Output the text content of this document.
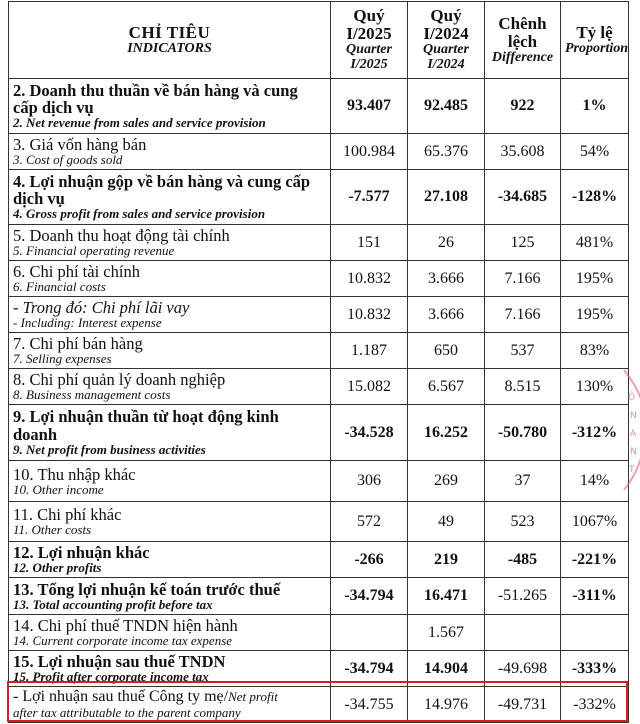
CHỈ TIÊU
INDICATORS	Quý
I/2025
Quarter
I/2025	Quý
I/2024
Quarter
I/2024	Chênh
lệch
Difference	Tỷ lệ
Proportion

2. Doanh thu thuần về bán hàng và cung cấp dịch vụ
2. Net revenue from sales and service provision	93.407	92.485	922	1%

3. Giá vốn hàng bán
3. Cost of goods sold	100.984	65.376	35.608	54%

4. Lợi nhuận gộp về bán hàng và cung cấp dịch vụ
4. Gross profit from sales and service provision	-7.577	27.108	-34.685	-128%

5. Doanh thu hoạt động tài chính
5. Financial operating revenue	151	26	125	481%

6. Chi phí tài chính
6. Financial costs	10.832	3.666	7.166	195%

- Trong đó: Chi phí lãi vay
- Including: Interest expense	10.832	3.666	7.166	195%

7. Chi phí bán hàng
7. Selling expenses	1.187	650	537	83%

8. Chi phí quản lý doanh nghiệp
8. Business management costs	15.082	6.567	8.515	130%

9. Lợi nhuận thuần từ hoạt động kinh doanh
9. Net profit from business activities	-34.528	16.252	-50.780	-312%

10. Thu nhập khác
10. Other income	306	269	37	14%

11. Chi phí khác
11. Other costs	572	49	523	1067%

12. Lợi nhuận khác
12. Other profits	-266	219	-485	-221%

13. Tổng lợi nhuận kế toán trước thuế
13. Total accounting profit before tax	-34.794	16.471	-51.265	-311%

14. Chi phí thuế TNDN hiện hành
14. Current corporate income tax expense		1.567		

15. Lợi nhuận sau thuế TNDN
15. Profit after corporate income tax	-34.794	14.904	-49.698	-333%

- Lợi nhuận sau thuế Công ty mẹ/Net profit
after tax attributable to the parent company	-34.755	14.976	-49.731	-332%
Ô
N
A
N
T
